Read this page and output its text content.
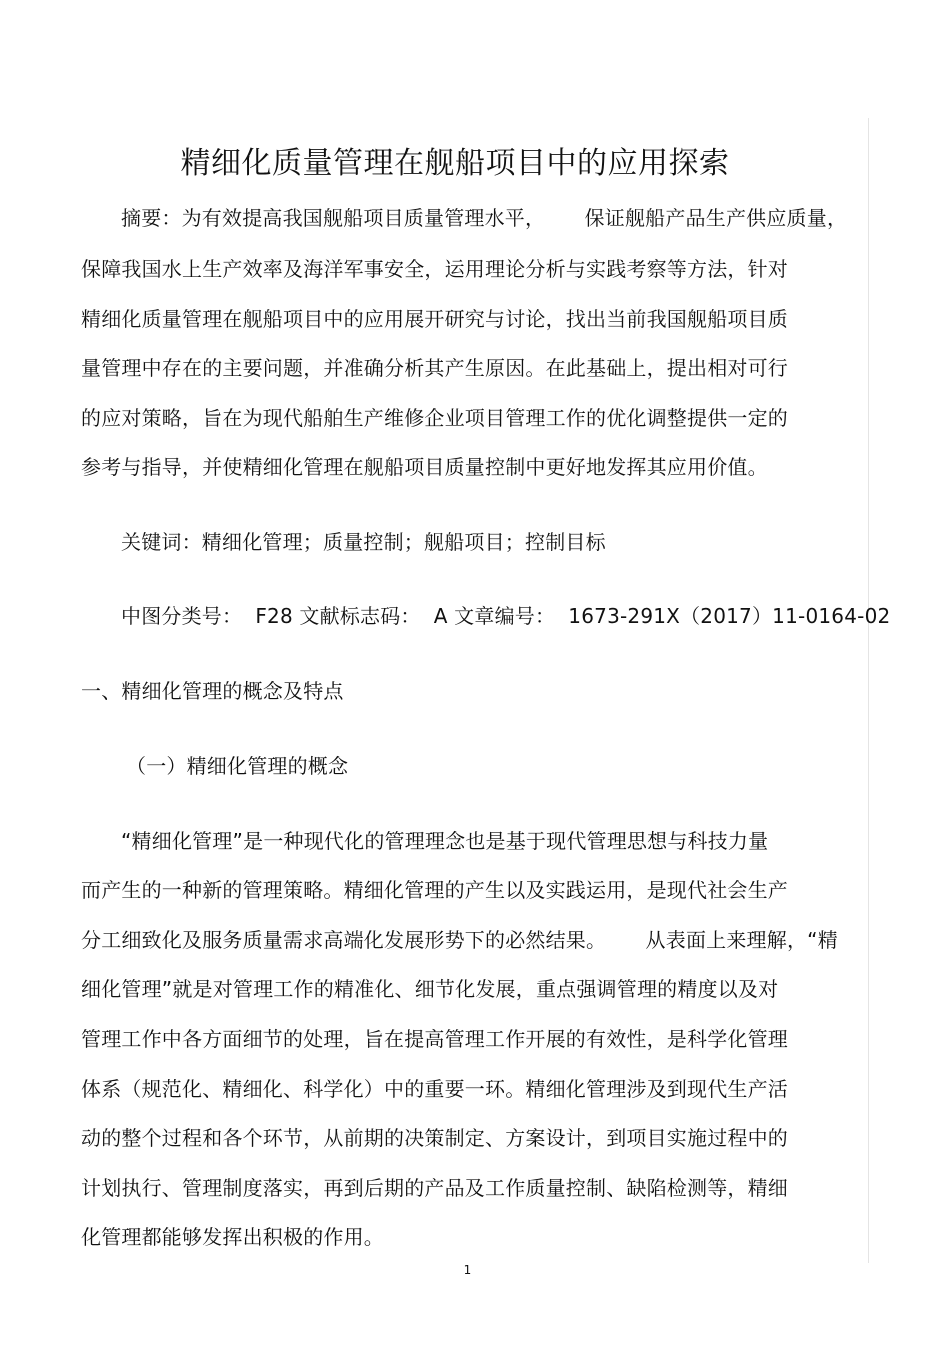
精细化质量管理在舰船项目中的应用探索
摘要：为有效提高我国舰船项目质量管理水平，      保证舰船产品生产供应质量，
保障我国水上生产效率及海洋军事安全，运用理论分析与实践考察等方法，针对
精细化质量管理在舰船项目中的应用展开研究与讨论，找出当前我国舰船项目质
量管理中存在的主要问题，并准确分析其产生原因。在此基础上，提出相对可行
的应对策略，旨在为现代船舶生产维修企业项目管理工作的优化调整提供一定的
参考与指导，并使精细化管理在舰船项目质量控制中更好地发挥其应用价值。
关键词：精细化管理；质量控制；舰船项目；控制目标
中图分类号：  F28 文献标志码：  A 文章编号：  1673-291X（2017）11-0164-02
一、精细化管理的概念及特点
（一）精细化管理的概念
“精细化管理”是一种现代化的管理理念也是基于现代管理思想与科技力量
而产生的一种新的管理策略。精细化管理的产生以及实践运用，是现代社会生产
分工细致化及服务质量需求高端化发展形势下的必然结果。      从表面上来理解，“精
细化管理”就是对管理工作的精准化、细节化发展，重点强调管理的精度以及对
管理工作中各方面细节的处理，旨在提高管理工作开展的有效性，是科学化管理
体系（规范化、精细化、科学化）中的重要一环。精细化管理涉及到现代生产活
动的整个过程和各个环节，从前期的决策制定、方案设计，到项目实施过程中的
计划执行、管理制度落实，再到后期的产品及工作质量控制、缺陷检测等，精细
化管理都能够发挥出积极的作用。
1
